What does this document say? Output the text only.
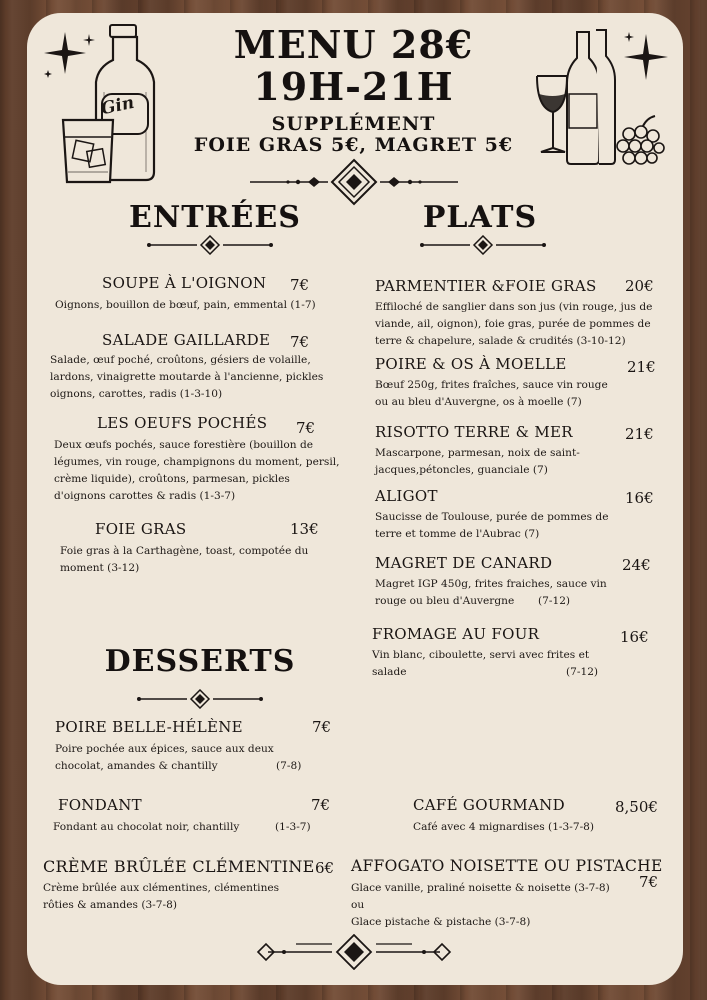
Gin
MENU 28€
19H-21H
SUPPLÉMENT
FOIE GRAS 5€, MAGRET 5€
ENTRÉES	PLATS
DESSERTS
SOUPE À L'OIGNON 7€
Oignons, bouillon de bœuf, pain, emmental (1-7)
SALADE GAILLARDE 7€
Salade, œuf poché, croûtons, gésiers de volaille,
lardons, vinaigrette moutarde à l'ancienne, pickles
oignons, carottes, radis (1-3-10)
LES OEUFS POCHÉS 7€
Deux œufs pochés, sauce forestière (bouillon de
légumes, vin rouge, champignons du moment, persil,
crème liquide), croûtons, parmesan, pickles
d'oignons carottes & radis (1-3-7)
FOIE GRAS	13€
Foie gras à la Carthagène, toast, compotée du
moment (3-12)
PARMENTIER &FOIE GRAS 20€
Effiloché de sanglier dans son jus (vin rouge, jus de
viande, ail, oignon), foie gras, purée de pommes de
terre & chapelure, salade & crudités (3-10-12)
POIRE & OS À MOELLE	21€
Bœuf 250g, frites fraîches, sauce vin rouge
ou au bleu d'Auvergne, os à moelle (7)
RISOTTO TERRE & MER	21€
Mascarpone, parmesan, noix de saint-
jacques,pétoncles, guanciale (7)
ALIGOT	16€
Saucisse de Toulouse, purée de pommes de
terre et tomme de l'Aubrac (7)
MAGRET DE CANARD	24€
Magret IGP 450g, frites fraiches, sauce vin
rouge ou bleu d'Auvergne (7-12)
FROMAGE AU FOUR	16€
Vin blanc, ciboulette, servi avec frites et
salade	(7-12)
POIRE BELLE-HÉLÈNE	7€
Poire pochée aux épices, sauce aux deux
chocolat, amandes & chantilly	(7-8)
FONDANT	7€
Fondant au chocolat noir, chantilly	(1-3-7)
CAFÉ GOURMAND	8,50€
Café avec 4 mignardises (1-3-7-8)
CRÈME BRÛLÉE CLÉMENTINE 6€
Crème brûlée aux clémentines, clémentines
rôties & amandes (3-7-8)
AFFOGATO NOISETTE OU PISTACHE
7€
Glace vanille, praliné noisette & noisette (3-7-8)
ou
Glace pistache & pistache (3-7-8)
